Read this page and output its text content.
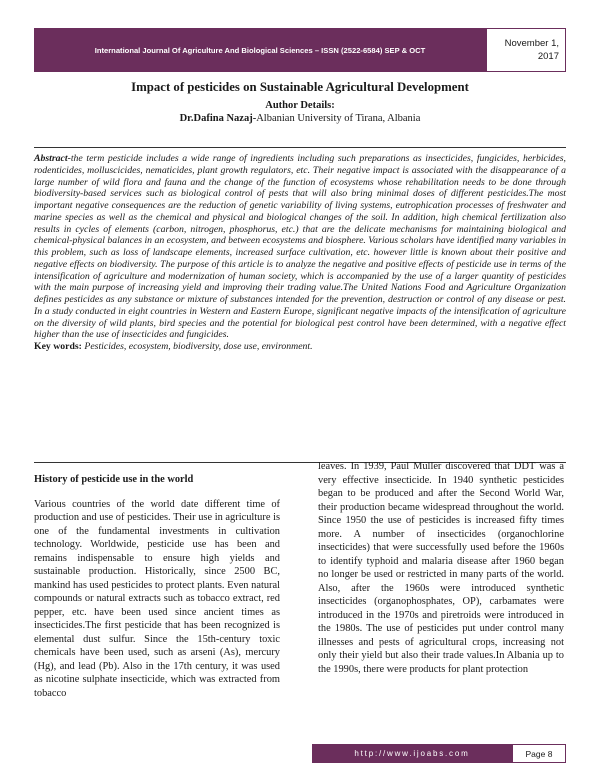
International Journal Of Agriculture And Biological Sciences – ISSN (2522-6584) SEP & OCT
November 1,
2017
Impact of pesticides on Sustainable Agricultural Development
Author Details:
Dr.Dafina Nazaj-Albanian University of Tirana, Albania
Abstract-the term pesticide includes a wide range of ingredients including such preparations as insecticides, fungicides, herbicides, rodenticides, molluscicides, nematicides, plant growth regulators, etc. Their negative impact is associated with the disappearance of a large number of wild flora and fauna and the change of the function of ecosystems whose rehabilitation needs to be done through biodiversity-based services such as biological control of pests that will also bring minimal doses of different pesticides.The most important negative consequences are the reduction of genetic variability of living systems, eutrophication processes of freshwater and marine species as well as the chemical and physical and biological changes of the soil. In addition, high chemical fertilization also results in cycles of elements (carbon, nitrogen, phosphorus, etc.) that are the delicate mechanisms for maintaining biological and chemical-physical balances in an ecosystem, and between ecosystems and biosphere. Various scholars have identified many variables in this problem, such as loss of landscape elements, increased surface cultivation, etc. however little is known about their positive and negative effects on biodiversity. The purpose of this article is to analyze the negative and positive effects of pesticide use in terms of the intensification of agriculture and modernization of human society, which is accompanied by the use of a larger quantity of pesticides with the main purpose of increasing yield and improving their trading value.The United Nations Food and Agriculture Organization defines pesticides as any substance or mixture of substances intended for the prevention, destruction or control of any disease or pest. In a study conducted in eight countries in Western and Eastern Europe, significant negative impacts of the intensification of agriculture on the diversity of wild plants, bird species and the potential for biological pest control have been determined, with a negative effect higher than the use of insecticides and fungicides.
Key words: Pesticides, ecosystem, biodiversity, dose use, environment.
History of pesticide use in the world

Various countries of the world date different time of production and use of pesticides. Their use in agriculture is one of the fundamental investments in cultivation technology. Worldwide, pesticide use has been and remains indispensable to ensure high yields and sustainable production. Historically, since 2500 BC, mankind has used pesticides to protect plants. Even natural compounds or natural extracts such as tobacco extract, red pepper, etc. have been used since ancient times as insecticides.The first pesticide that has been recognized is elemental dust sulfur. Since the 15th-century toxic chemicals have been used, such as arseni (As), mercury (Hg), and lead (Pb). Also in the 17th century, it was used as nicotine sulphate insecticide, which was extracted from tobacco

leaves. In 1939, Paul Müller discovered that DDT was a very effective insecticide. In 1940 synthetic pesticides began to be produced and after the Second World War, their production became widespread throughout the world. Since 1950 the use of pesticides is increased fifty times more. A number of insecticides (organochlorine insecticides) that were successfully used before the 1960s to identify typhoid and malaria disease after 1960 began no longer be used or restricted in many parts of the world. Also, after the 1960s were introduced synthetic insecticides (organophosphates, OP), carbamates were introduced in the 1970s and piretroids were introduced in the 1980s. The use of pesticides put under control many illnesses and pests of agricultural crops, increasing not only their yield but also their trade values.In Albania up to the 1990s, there were products for plant protection

http://www.ijoabs.com	Page 8
